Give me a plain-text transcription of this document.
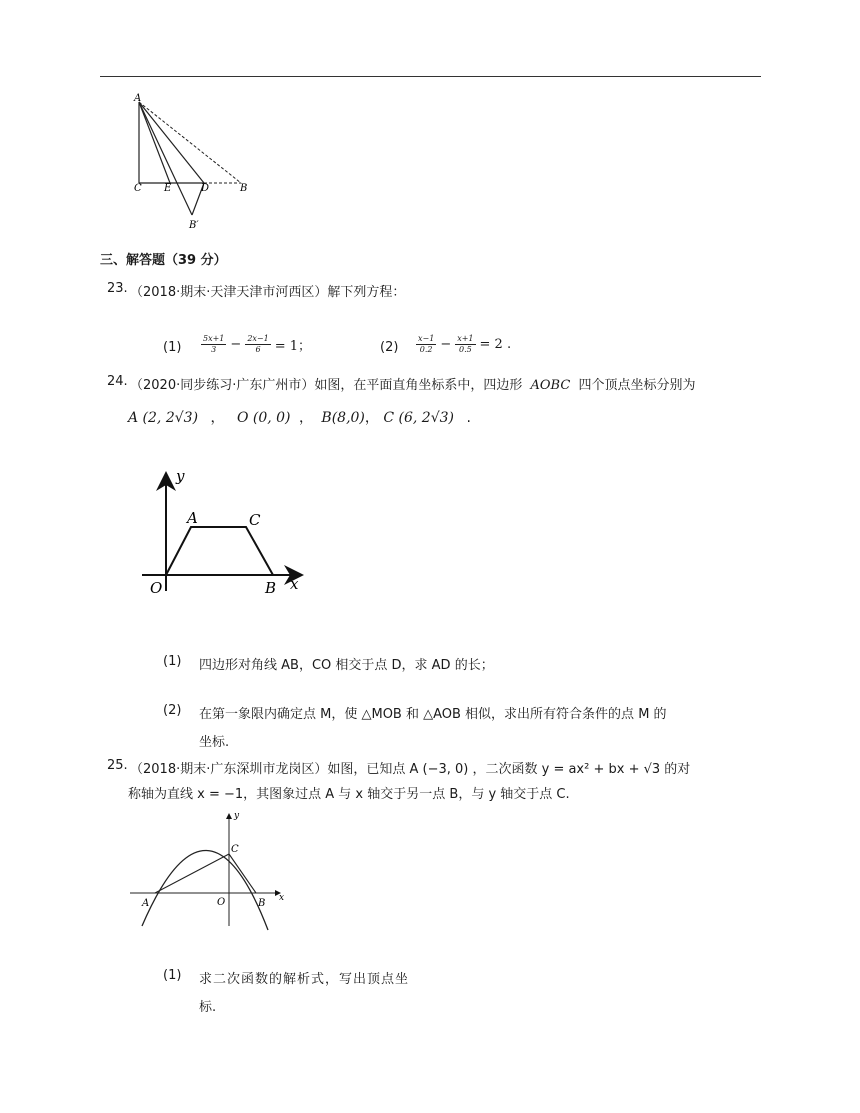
A
C E	D	B
B′
三、解答题（39 分）
23. （2018·期末·天津天津市河西区）解下列方程：
$(1) \frac{5x+1}{3} - \frac{2x-1}{6} = 1$；	$(2) \frac{x-1}{0.2} - \frac{x+1}{0.5} = 2$ .
24. （2020·同步练习·广东广州市）如图，在平面直角坐标系中，四边形 AOBC 四个顶点坐标分别为
A (2, 2√3) ， O (0, 0) ， B(8,0)， C (6, 2√3) .
y
x
A	C
O	B
(1) 四边形对角线 AB，CO 相交于点 D，求 AD 的长；
(2) 在第一象限内确定点 M，使 △MOB 和 △AOB 相似，求出所有符合条件的点 M 的
坐标.
25. （2018·期末·广东深圳市龙岗区）如图，已知点 A (−3, 0) ，二次函数 y = ax² + bx + √3 的对
称轴为直线 x = −1，其图象过点 A 与 x 轴交于另一点 B，与 y 轴交于点 C.
y
x
A	O	B
C
(1) 求二次函数的解析式，写出顶点坐
标.
